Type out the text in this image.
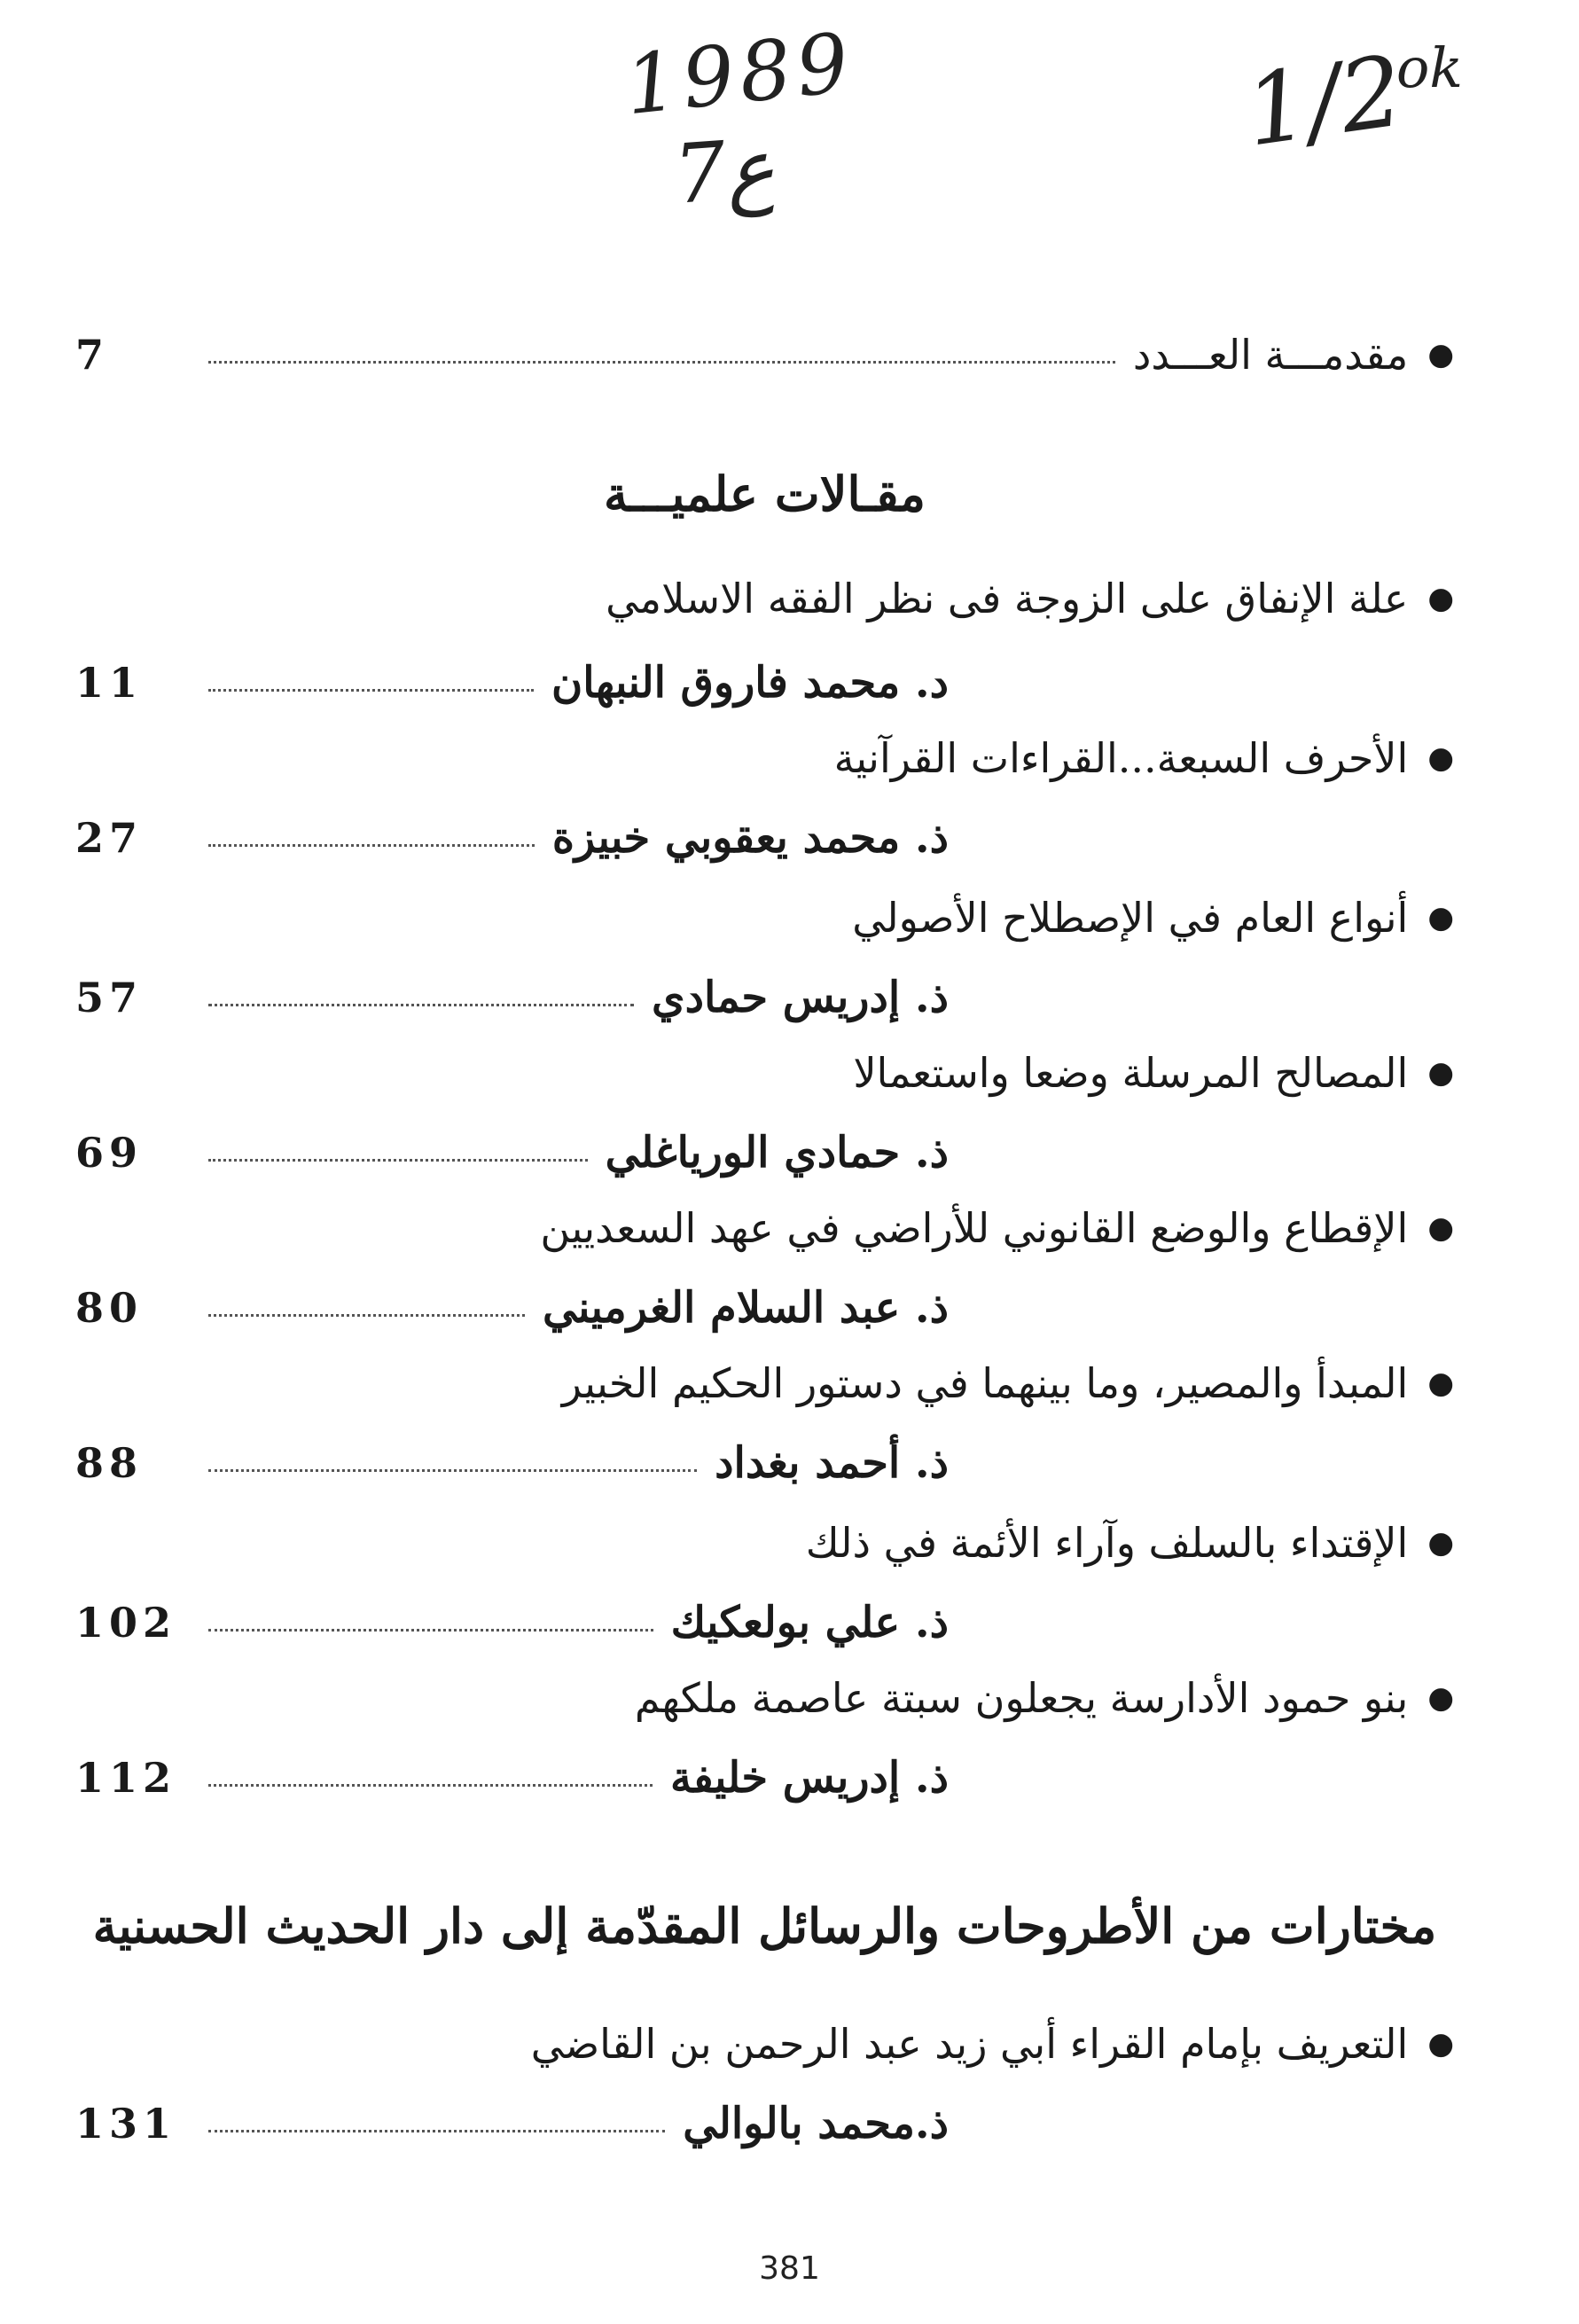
1989
7ع
1/2
ok
●
مقدمـــة العـــدد
7
مقـالات علميـــة
●
علة الإنفاق على الزوجة فى نظر الفقه الاسلامي
د. محمد فاروق النبهان
11
●
الأحرف السبعة...القراءات القرآنية
ذ. محمد يعقوبي خبيزة
27
●
أنواع العام في الإصطلاح الأصولي
ذ. إدريس حمادي
57
●
المصالح المرسلة وضعا واستعمالا
ذ. حمادي الورياغلي
69
●
الإقطاع والوضع القانوني للأراضي في عهد السعديين
ذ. عبد السلام الغرميني
80
●
المبدأ والمصير، وما بينهما في دستور الحكيم الخبير
ذ. أحمد بغداد
88
●
الإقتداء بالسلف وآراء الأئمة في ذلك
ذ. علي بولعكيك
102
●
بنو حمود الأدارسة يجعلون سبتة عاصمة ملكهم
ذ. إدريس خليفة
112
مختارات من الأطروحات والرسائل المقدّمة إلى دار الحديث الحسنية
●
التعريف بإمام القراء أبي زيد عبد الرحمن بن القاضي
ذ.محمد بالوالي
131
381
